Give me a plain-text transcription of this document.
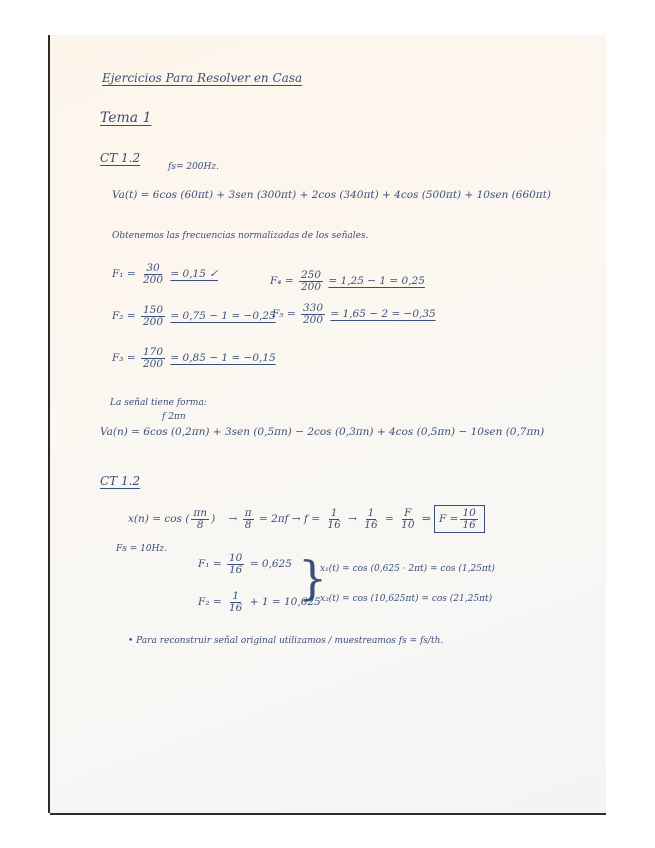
Ejercicios Para Resolver en Casa
Tema 1
CT 1.2
fs= 200Hz.
Va(t) = 6cos (60πt) + 3sen (300πt) + 2cos (340πt) + 4cos (500πt) + 10sen (660πt)
Obtenemos las frecuencias normalizadas de los señales.
$F_1 = \frac{30}{200} = 0,15$ ✓
$F_4 = \frac{250}{200} = 1,25 - 1 = 0,25$
$F_2 = \frac{150}{200} = 0,75 - 1 = -0,25$
$F_5 = \frac{330}{200} = 1,65 - 2 = -0,35$
$F_3 = \frac{170}{200} = 0,85 - 1 = -0,15$
La señal tiene forma:
f 2πn
Va(n) = 6cos (0,2πn) + 3sen (0,5πn) − 2cos (0,3πn) + 4cos (0,5πn) − 10sen (0,7πn)
CT 1.2
x(n) = cos ( $\frac{\pi n}{8}$ ) → $\frac{\pi}{8} = 2\pi f \to f = \frac{1}{16} \to \frac{1}{16} = \frac{F}{10}$ ⇒ $F = \frac{10}{16}$
Fs = 10Hz.
$F_1 = \frac{10}{16} = 0,625$
$F_2 = \frac{1}{16} + 1 = 10,625$
}
x₁(t) = cos (0,625 · 2πt) = cos (1,25πt)
x₂(t) = cos (10,625πt) = cos (21,25πt)
• Para reconstruir señal original utilizamos / muestreamos fs = fs/th.
